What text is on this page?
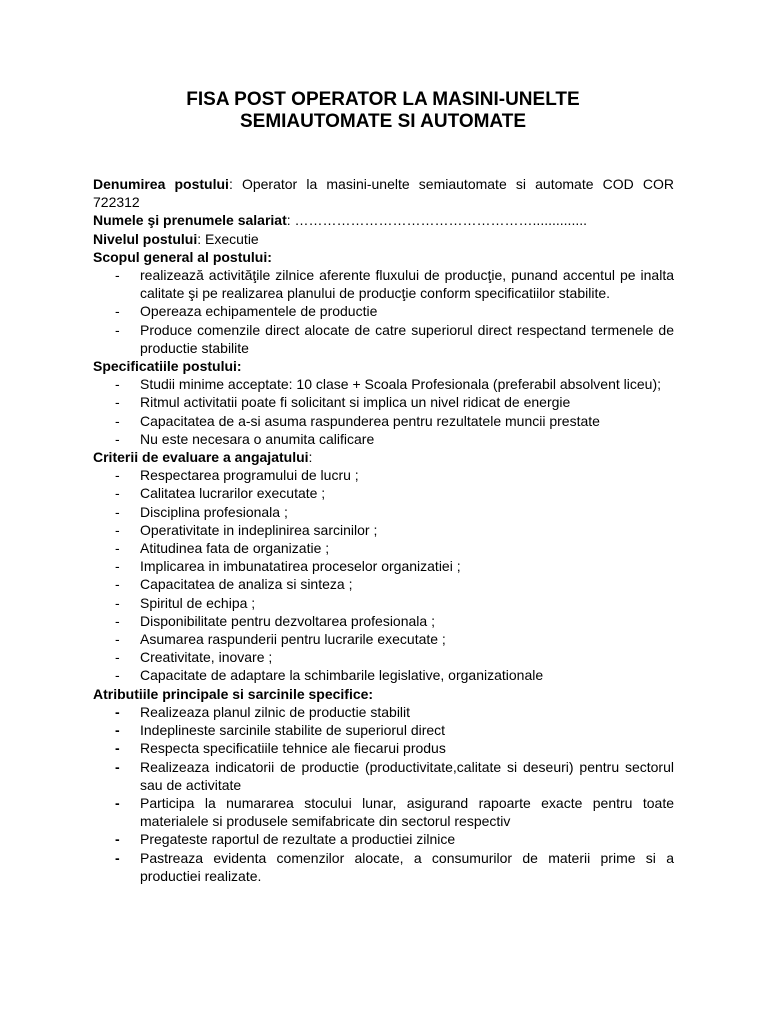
FISA POST OPERATOR LA MASINI-UNELTE
SEMIAUTOMATE SI AUTOMATE

Denumirea postului: Operator la masini-unelte semiautomate si automate COD COR 722312

Numele şi prenumele salariat: ……………………………………………..............

Nivelul postului: Executie

Scopul general al postului:

- realizează activităţile zilnice aferente fluxului de producţie, punand accentul pe inalta calitate şi pe realizarea planului de producţie conform specificatiilor stabilite.
- Opereaza echipamentele de productie
- Produce comenzile direct alocate de catre superiorul direct respectand termenele de productie stabilite

Specificatiile postului:

- Studii minime acceptate: 10 clase + Scoala Profesionala (preferabil absolvent liceu);
- Ritmul activitatii poate fi solicitant si implica un nivel ridicat de energie
- Capacitatea de a-si asuma raspunderea pentru rezultatele muncii prestate
- Nu este necesara o anumita calificare

Criterii de evaluare a angajatului:

- Respectarea programului de lucru ;
- Calitatea lucrarilor executate ;
- Disciplina profesionala ;
- Operativitate in indeplinirea sarcinilor ;
- Atitudinea fata de organizatie ;
- Implicarea in imbunatatirea proceselor organizatiei ;
- Capacitatea de analiza si sinteza ;
- Spiritul de echipa ;
- Disponibilitate pentru dezvoltarea profesionala ;
- Asumarea raspunderii pentru lucrarile executate ;
- Creativitate, inovare ;
- Capacitate de adaptare la schimbarile legislative, organizationale

Atributiile principale si sarcinile specifice:

- Realizeaza planul zilnic de productie stabilit
- Indeplineste sarcinile stabilite de superiorul direct
- Respecta specificatiile tehnice ale fiecarui produs
- Realizeaza indicatorii de productie (productivitate,calitate si deseuri) pentru sectorul sau de activitate
- Participa la numararea stocului lunar, asigurand rapoarte exacte pentru toate materialele si produsele semifabricate din sectorul respectiv
- Pregateste raportul de rezultate a productiei zilnice
- Pastreaza evidenta comenzilor alocate, a consumurilor de materii prime si a productiei realizate.
